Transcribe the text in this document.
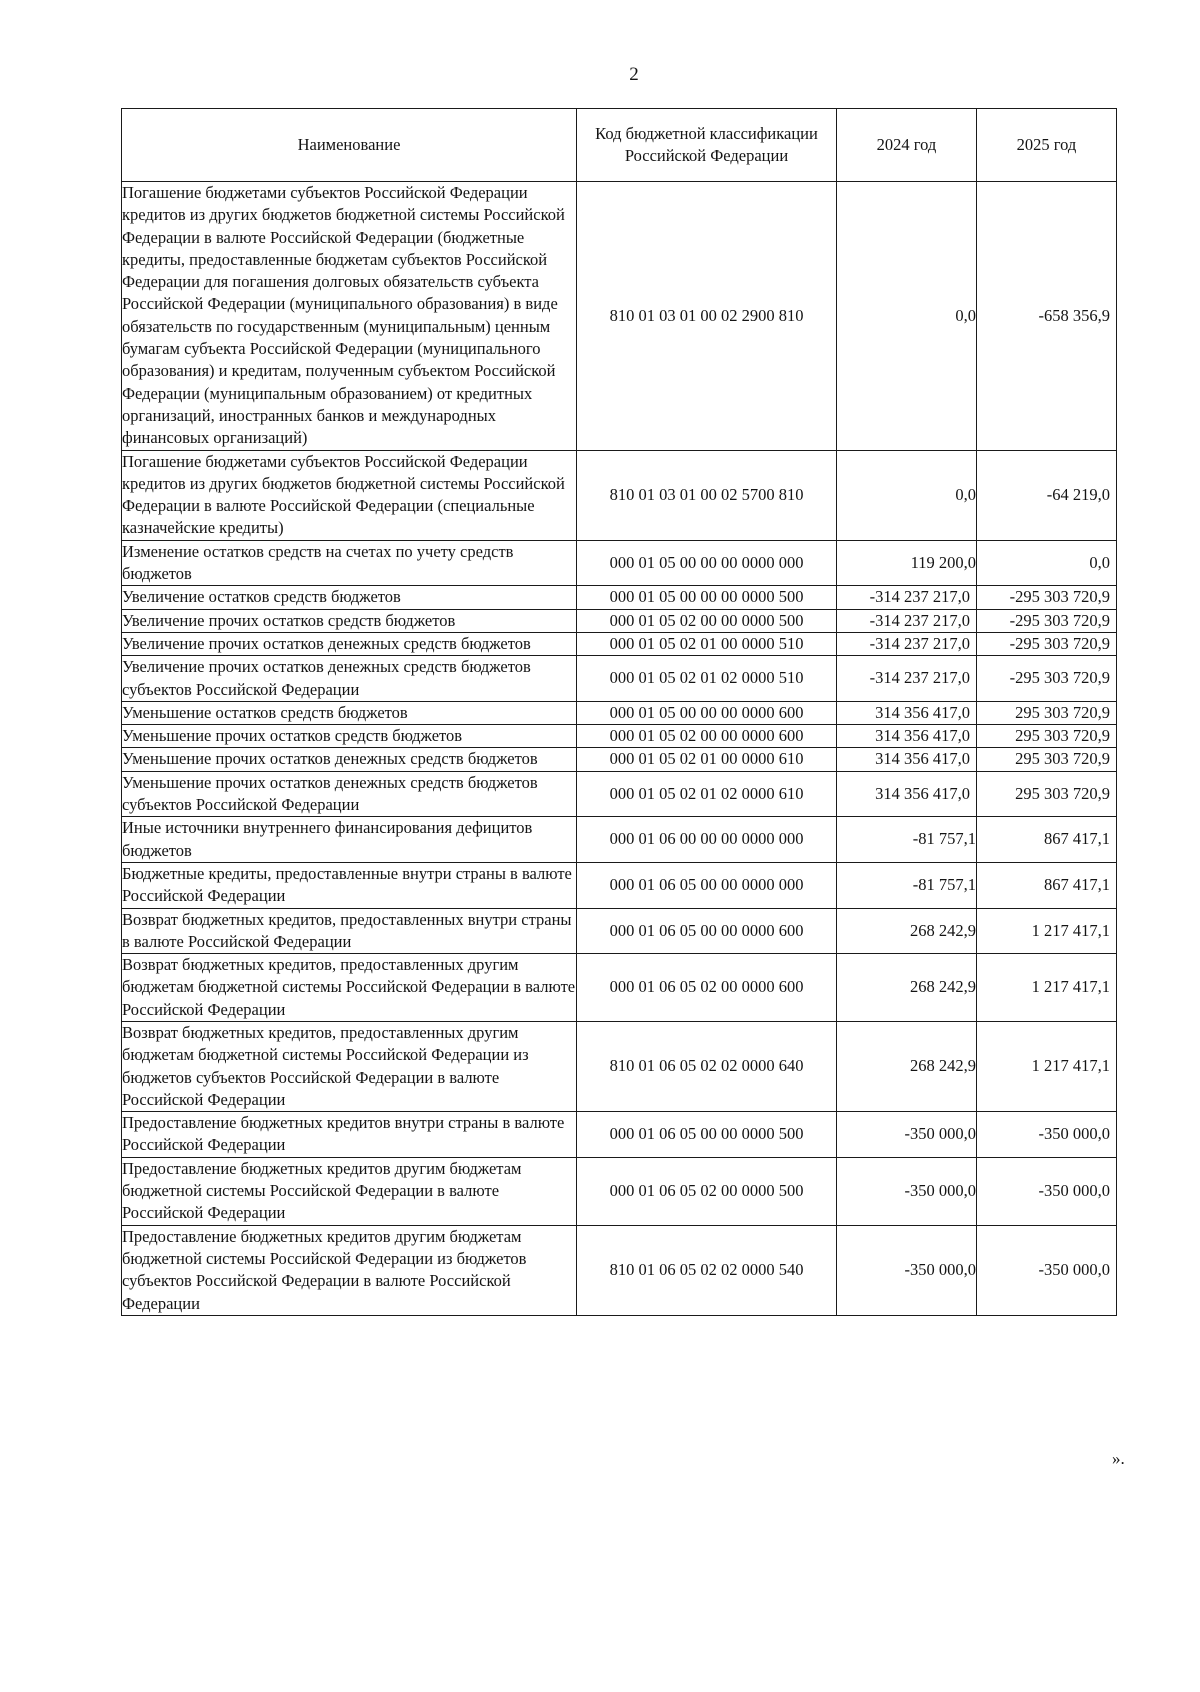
2
Наименование	Код бюджетной классификации Российской Федерации	2024 год	2025 год
Погашение бюджетами субъектов Российской Федерации кредитов из других бюджетов бюджетной системы Российской Федерации в валюте Российской Федерации (бюджетные кредиты, предоставленные бюджетам субъектов Российской Федерации для погашения долговых обязательств субъекта Российской Федерации (муниципального образования) в виде обязательств по государственным (муниципальным) ценным бумагам субъекта Российской Федерации (муниципального образования) и кредитам, полученным субъектом Российской Федерации (муниципальным образованием) от кредитных организаций, иностранных банков и международных финансовых организаций)	810 01 03 01 00 02 2900 810	0,0	-658 356,9
Погашение бюджетами субъектов Российской Федерации кредитов из других бюджетов бюджетной системы Российской Федерации в валюте Российской Федерации (специальные казначейские кредиты)	810 01 03 01 00 02 5700 810	0,0	-64 219,0
Изменение остатков средств на счетах по учету средств бюджетов	000 01 05 00 00 00 0000 000	119 200,0	0,0
Увеличение остатков средств бюджетов	000 01 05 00 00 00 0000 500	-314 237 217,0	-295 303 720,9
Увеличение прочих остатков средств бюджетов	000 01 05 02 00 00 0000 500	-314 237 217,0	-295 303 720,9
Увеличение прочих остатков денежных средств бюджетов	000 01 05 02 01 00 0000 510	-314 237 217,0	-295 303 720,9
Увеличение прочих остатков денежных средств бюджетов субъектов Российской Федерации	000 01 05 02 01 02 0000 510	-314 237 217,0	-295 303 720,9
Уменьшение остатков средств бюджетов	000 01 05 00 00 00 0000 600	314 356 417,0	295 303 720,9
Уменьшение прочих остатков средств бюджетов	000 01 05 02 00 00 0000 600	314 356 417,0	295 303 720,9
Уменьшение прочих остатков денежных средств бюджетов	000 01 05 02 01 00 0000 610	314 356 417,0	295 303 720,9
Уменьшение прочих остатков денежных средств бюджетов субъектов Российской Федерации	000 01 05 02 01 02 0000 610	314 356 417,0	295 303 720,9
Иные источники внутреннего финансирования дефицитов бюджетов	000 01 06 00 00 00 0000 000	-81 757,1	867 417,1
Бюджетные кредиты, предоставленные внутри страны в валюте Российской Федерации	000 01 06 05 00 00 0000 000	-81 757,1	867 417,1
Возврат бюджетных кредитов, предоставленных внутри страны в валюте Российской Федерации	000 01 06 05 00 00 0000 600	268 242,9	1 217 417,1
Возврат бюджетных кредитов, предоставленных другим бюджетам бюджетной системы Российской Федерации в валюте Российской Федерации	000 01 06 05 02 00 0000 600	268 242,9	1 217 417,1
Возврат бюджетных кредитов, предоставленных другим бюджетам бюджетной системы Российской Федерации из бюджетов субъектов Российской Федерации в валюте Российской Федерации	810 01 06 05 02 02 0000 640	268 242,9	1 217 417,1
Предоставление бюджетных кредитов внутри страны в валюте Российской Федерации	000 01 06 05 00 00 0000 500	-350 000,0	-350 000,0
Предоставление бюджетных кредитов другим бюджетам бюджетной системы Российской Федерации в валюте Российской Федерации	000 01 06 05 02 00 0000 500	-350 000,0	-350 000,0
Предоставление бюджетных кредитов другим бюджетам бюджетной системы Российской Федерации из бюджетов субъектов Российской Федерации в валюте Российской Федерации	810 01 06 05 02 02 0000 540	-350 000,0	-350 000,0
».
